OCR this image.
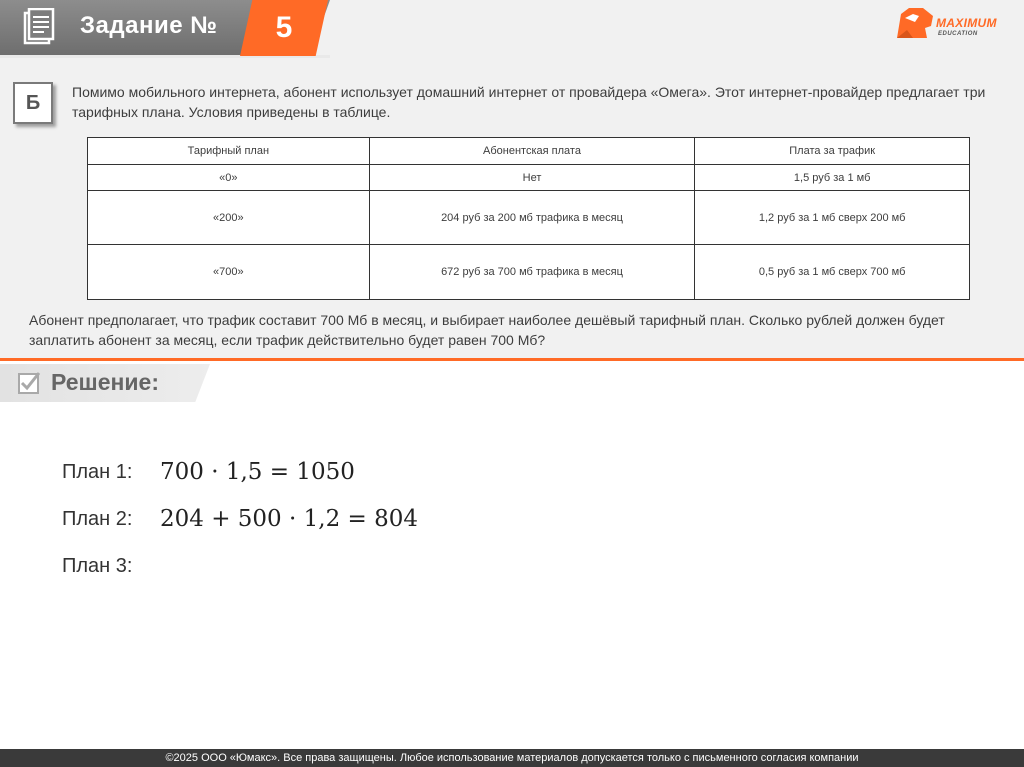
Задание №	5	MAXIMUM
EDUCATION
Б	Помимо мобильного интернета, абонент использует домашний интернет от провайдера «Омега». Этот интернет-провайдер предлагает три тарифных плана. Условия приведены в таблице.
Тарифный план	Абонентская плата	Плата за трафик
«0»	Нет	1,5 руб за 1 мб
«200»	204 руб за 200 мб трафика в месяц	1,2 руб за 1 мб сверх 200 мб
«700»	672 руб за 700 мб трафика в месяц	0,5 руб за 1 мб сверх 700 мб
Абонент предполагает, что трафик составит 700 Мб в месяц, и выбирает наиболее дешёвый тарифный план. Сколько рублей должен будет заплатить абонент за месяц, если трафик действительно будет равен 700 Мб?
Решение:
План 1: 700 · 1,5 = 1050
План 2: 204 + 500 · 1,2 = 804
План 3:
©2025 ООО «Юмакс». Все права защищены. Любое использование материалов допускается только с письменного согласия компании
